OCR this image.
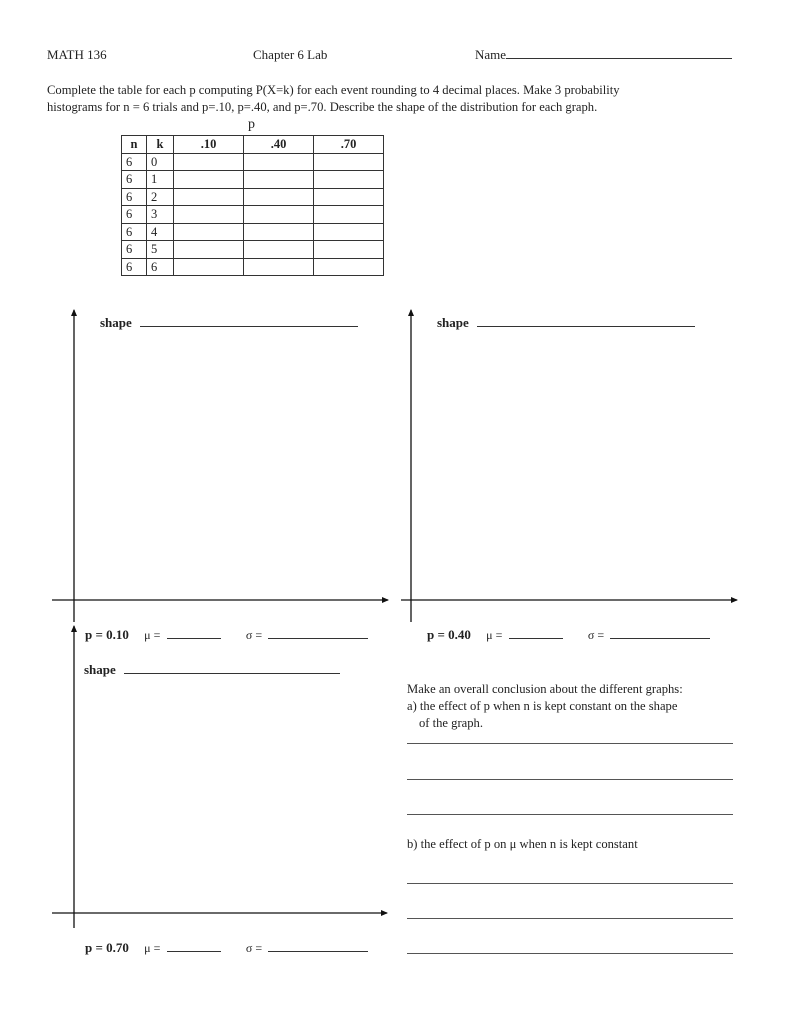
MATH 136	Chapter 6 Lab	Name
Complete the table for each p computing P(X=k) for each event rounding to 4 decimal places. Make 3 probability
histograms for n = 6 trials and p=.10, p=.40, and p=.70. Describe the shape of the distribution for each graph.
p
n	k	.10	.40	.70
6	0			
6	1			
6	2			
6	3			
6	4			
6	5			
6	6			
shape	shape
shape
p = 0.10 μ =	σ =	p = 0.40 μ =	σ =
p = 0.70 μ =	σ =
Make an overall conclusion about the different graphs:
a) the effect of p when n is kept constant on the shape
of the graph.
b) the effect of p on μ when n is kept constant
